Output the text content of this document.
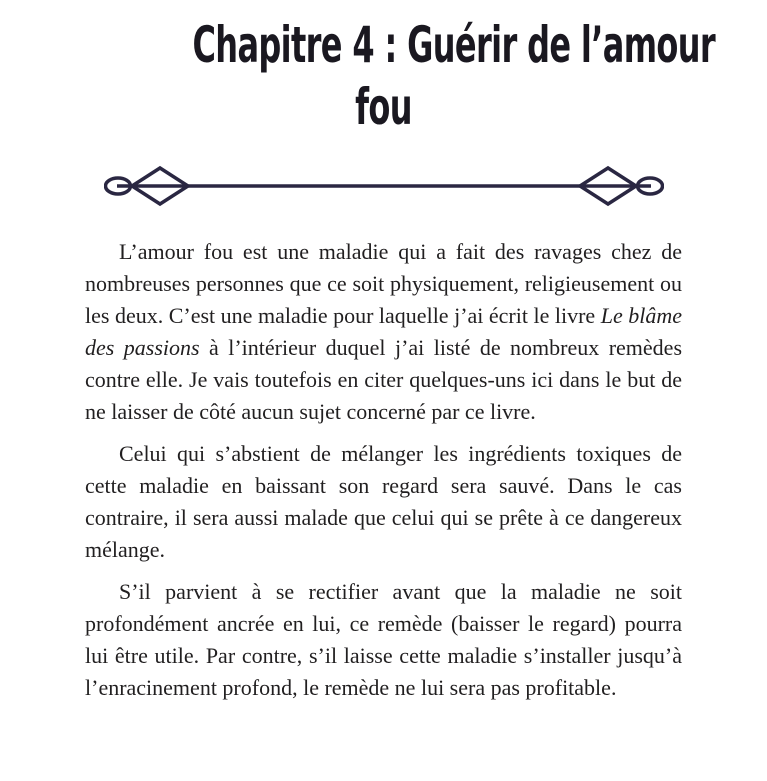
Chapitre 4 : Guérir de l’amour
fou

L’amour fou est une maladie qui a fait des ravages chez de nombreuses personnes que ce soit physiquement, religieusement ou les deux. C’est une maladie pour laquelle j’ai écrit le livre Le blâme des passions à l’intérieur duquel j’ai listé de nombreux remèdes contre elle. Je vais toutefois en citer quelques-uns ici dans le but de ne laisser de côté aucun sujet concerné par ce livre.

Celui qui s’abstient de mélanger les ingrédients toxiques de cette maladie en baissant son regard sera sauvé. Dans le cas contraire, il sera aussi malade que celui qui se prête à ce dangereux mélange.

S’il parvient à se rectifier avant que la maladie ne soit profondément ancrée en lui, ce remède (baisser le regard) pourra lui être utile. Par contre, s’il laisse cette maladie s’installer jusqu’à l’enracinement profond, le remède ne lui sera pas profitable.
